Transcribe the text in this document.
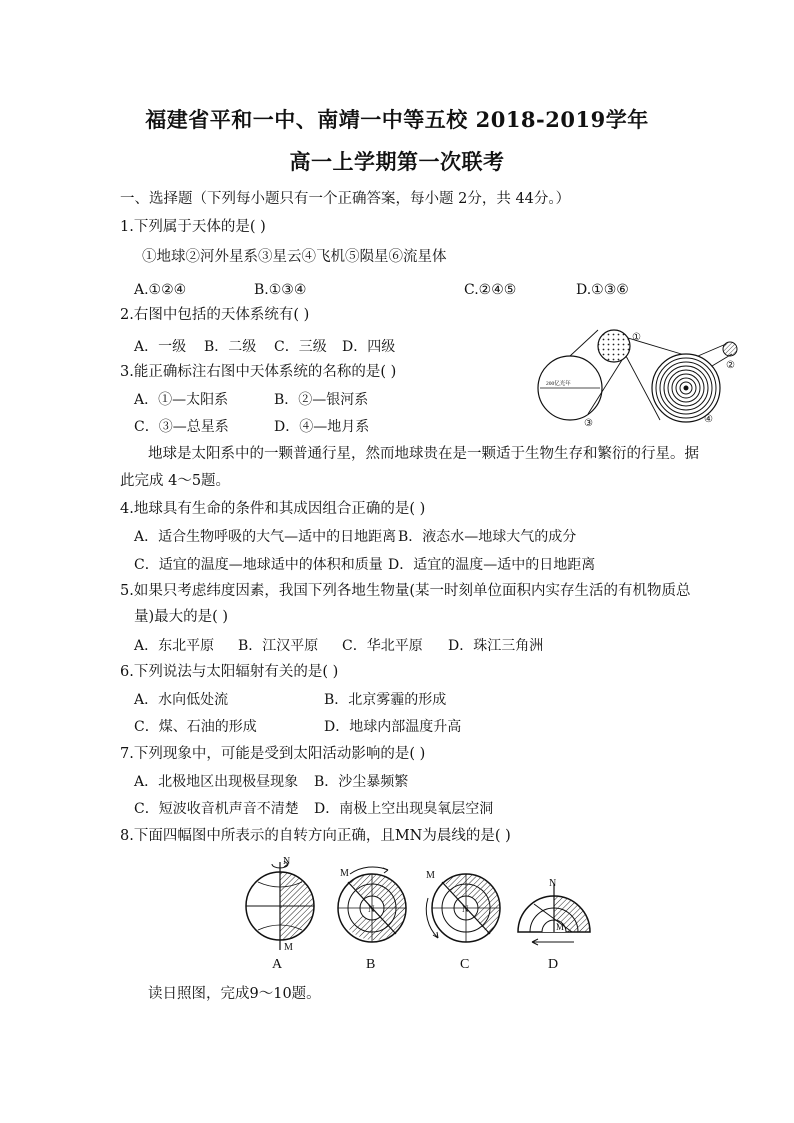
福建省平和一中、南靖一中等五校 2018-2019学年
高一上学期第一次联考
一、选择题（下列每小题只有一个正确答案，每小题 2分，共 44分。）
1.下列属于天体的是( )
①地球②河外星系③星云④飞机⑤陨星⑥流星体
A.①②④	B.①③④	C.②④⑤	D.①③⑥
2.右图中包括的天体系统有( )
A．一级 B．二级 C．三级 D．四级
3.能正确标注右图中天体系统的名称的是( )
A．①—太阳系	B．②—银河系
C．③—总星系	D．④—地月系
200亿光年
①
②
③	④
地球是太阳系中的一颗普通行星，然而地球贵在是一颗适于生物生存和繁衍的行星。据
此完成 4～5题。
4.地球具有生命的条件和其成因组合正确的是( )
A．适合生物呼吸的大气—适中的日地距离 B．液态水—地球大气的成分
C．适宜的温度—地球适中的体积和质量 D．适宜的温度—适中的日地距离
5.如果只考虑纬度因素，我国下列各地生物量(某一时刻单位面积内实存生活的有机物质总
量)最大的是( )
A．东北平原 B．江汉平原 C．华北平原 D．珠江三角洲
6.下列说法与太阳辐射有关的是( )
A．水向低处流	B．北京雾霾的形成
C．煤、石油的形成	D．地球内部温度升高
7.下列现象中，可能是受到太阳活动影响的是( )
A．北极地区出现极昼现象 B．沙尘暴频繁
C．短波收音机声音不清楚 D．南极上空出现臭氧层空洞
8.下面四幅图中所表示的自转方向正确，且MN为晨线的是( )
N
M
A
M
N
B
M
N
C
N
M
D
读日照图，完成9～10题。
